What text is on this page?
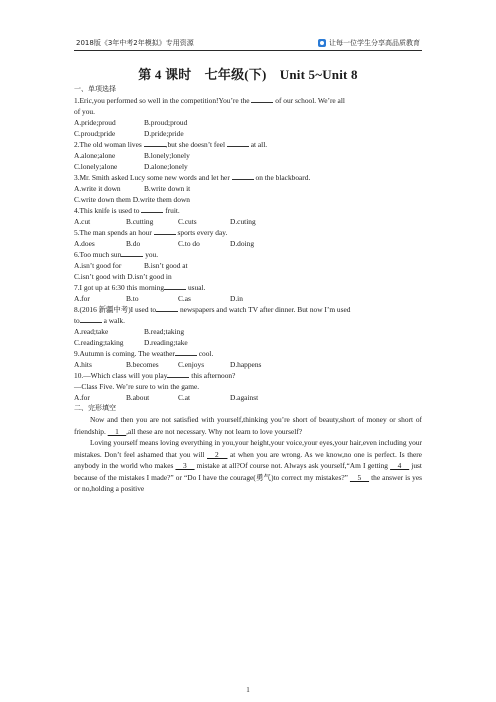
2018版《3年中考2年模拟》专用资源	让每一位学生分享高品质教育
第 4 课时　七年级(下)　Unit 5~Unit 8
一、单项选择
1.Eric,you performed so well in the competition!You’re the	of our school. We’re all
of you.
A.pride;proud	B.proud;proud
C.proud;pride	D.pride;pride
2.The old woman lives	,but she doesn’t feel	at all.
A.alone;alone	B.lonely;lonely
C.lonely;alone	D.alone;lonely
3.Mr. Smith asked Lucy some new words and let her	on the blackboard.
A.write it down	B.write down it
C.write down them D.write them down
4.This knife is used to	fruit.
A.cut	B.cutting	C.cuts	D.cuting
5.The man spends an hour	sports every day.
A.does	B.do	C.to do	D.doing
6.Too much sun	you.
A.isn’t good for	B.isn’t good at
C.isn’t good with D.isn’t good in
7.I got up at 6:30 this morning	usual.
A.for	B.to	C.as	D.in
8.(2016 新疆中考)I used to	newspapers and watch TV after dinner. But now I’m used
to	a walk.
A.read;take	B.read;taking
C.reading;taking	D.reading;take
9.Autumn is coming. The weather	cool.
A.hits	B.becomes	C.enjoys	D.happens
10.—Which class will you play	this afternoon?
—Class Five. We’re sure to win the game.
A.for	B.about	C.at	D.against
二、完形填空
Now and then you are not satisfied with yourself,thinking you’re short of beauty,short of money or short of friendship. 　1　,all these are not necessary. Why not learn to love yourself?
Loving yourself means loving everything in you,your height,your voice,your eyes,your hair,even including your mistakes. Don’t feel ashamed that you will 　2　 at when you are wrong. As we know,no one is perfect. Is there anybody in the world who makes 　3　 mistake at all?Of course not. Always ask yourself,“Am I getting 　4　 just because of the mistakes I made?” or “Do I have the courage(勇气)to correct my mistakes?” 　5　 the answer is yes or no,holding a positive
1
